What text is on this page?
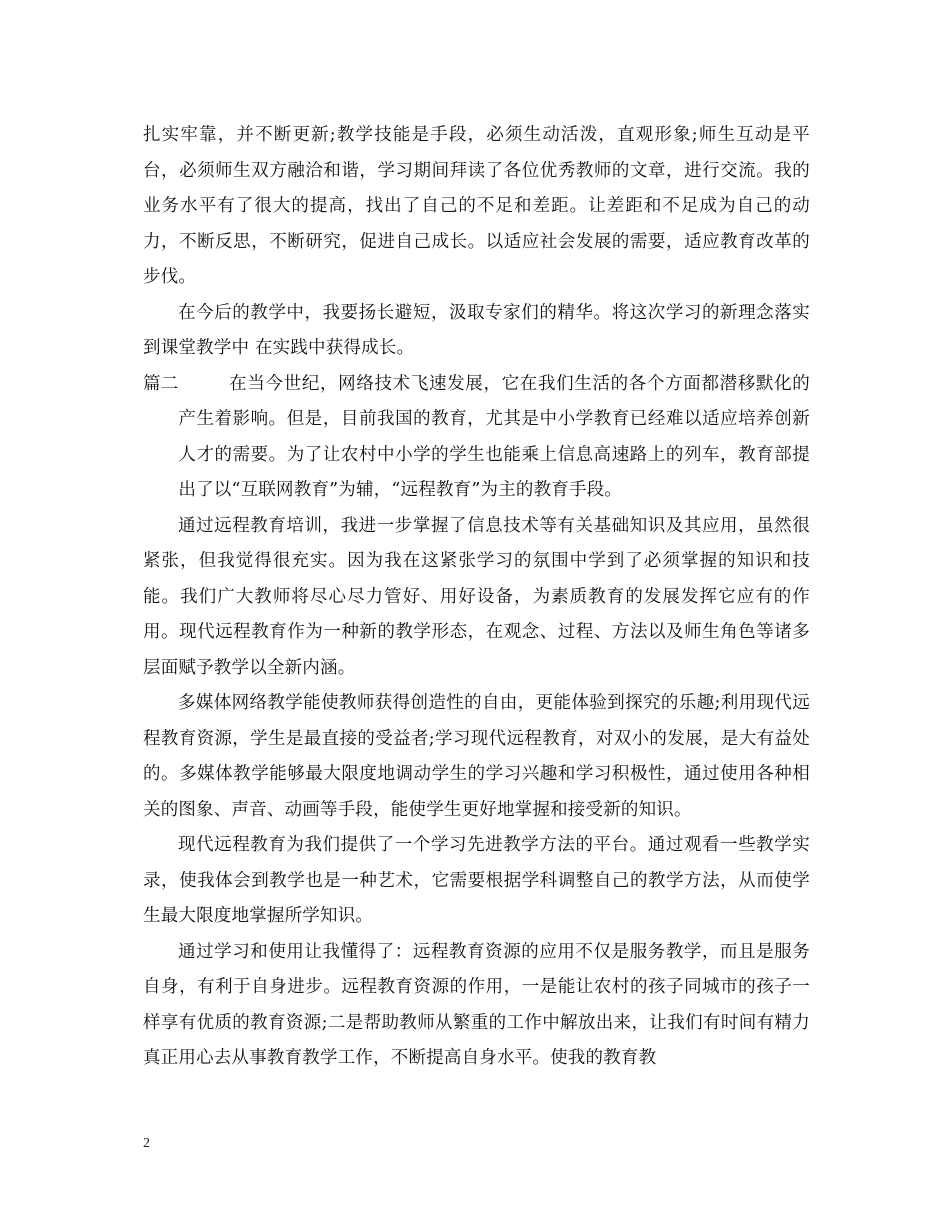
扎实牢靠，并不断更新;教学技能是手段，必须生动活泼，直观形象;师生互动是平台，必须师生双方融洽和谐，学习期间拜读了各位优秀教师的文章，进行交流。我的业务水平有了很大的提高，找出了自己的不足和差距。让差距和不足成为自己的动力，不断反思，不断研究，促进自己成长。以适应社会发展的需要，适应教育改革的步伐。

在今后的教学中，我要扬长避短，汲取专家们的精华。将这次学习的新理念落实到课堂教学中 在实践中获得成长。

篇二	在当今世纪，网络技术飞速发展，它在我们生活的各个方面都潜移默化的产生着影响。但是，目前我国的教育，尤其是中小学教育已经难以适应培养创新人才的需要。为了让农村中小学的学生也能乘上信息高速路上的列车，教育部提出了以“互联网教育”为辅，“远程教育”为主的教育手段。

通过远程教育培训，我进一步掌握了信息技术等有关基础知识及其应用，虽然很紧张，但我觉得很充实。因为我在这紧张学习的氛围中学到了必须掌握的知识和技能。我们广大教师将尽心尽力管好、用好设备，为素质教育的发展发挥它应有的作用。现代远程教育作为一种新的教学形态，在观念、过程、方法以及师生角色等诸多层面赋予教学以全新内涵。

多媒体网络教学能使教师获得创造性的自由，更能体验到探究的乐趣;利用现代远程教育资源，学生是最直接的受益者;学习现代远程教育，对双小的发展，是大有益处的。多媒体教学能够最大限度地调动学生的学习兴趣和学习积极性，通过使用各种相关的图象、声音、动画等手段，能使学生更好地掌握和接受新的知识。

现代远程教育为我们提供了一个学习先进教学方法的平台。通过观看一些教学实录，使我体会到教学也是一种艺术，它需要根据学科调整自己的教学方法，从而使学生最大限度地掌握所学知识。

通过学习和使用让我懂得了：远程教育资源的应用不仅是服务教学，而且是服务自身，有利于自身进步。远程教育资源的作用，一是能让农村的孩子同城市的孩子一样享有优质的教育资源;二是帮助教师从繁重的工作中解放出来，让我们有时间有精力真正用心去从事教育教学工作，不断提高自身水平。使我的教育教

2
